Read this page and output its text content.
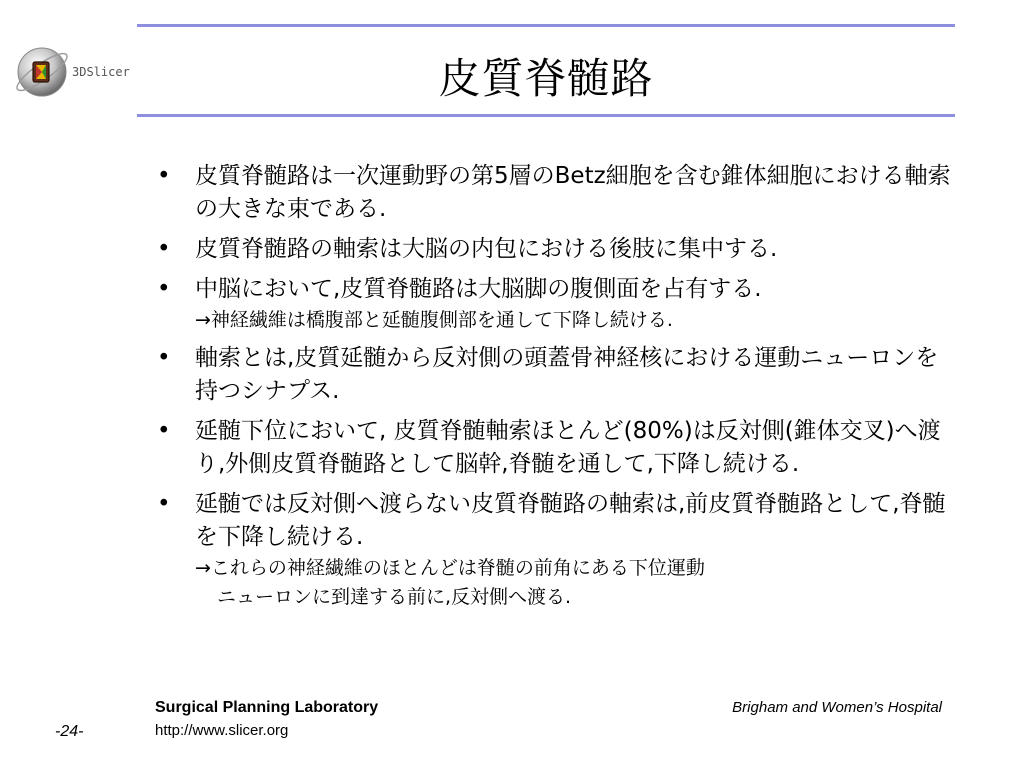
3DSlicer	皮質脊髄路
• 皮質脊髄路は一次運動野の第5層のBetz細胞を含む錐体細胞における軸索の大きな束である.
• 皮質脊髄路の軸索は大脳の内包における後肢に集中する.
• 中脳において,皮質脊髄路は大脳脚の腹側面を占有する.
→神経繊維は橋腹部と延髄腹側部を通して下降し続ける.
• 軸索とは,皮質延髄から反対側の頭蓋骨神経核における運動ニューロンを持つシナプス.
• 延髄下位において, 皮質脊髄軸索ほとんど(80%)は反対側(錐体交叉)へ渡り,外側皮質脊髄路として脳幹,脊髄を通して,下降し続ける.
• 延髄では反対側へ渡らない皮質脊髄路の軸索は,前皮質脊髄路として,脊髄を下降し続ける.
→これらの神経繊維のほとんどは脊髄の前角にある下位運動
ニューロンに到達する前に,反対側へ渡る.
Surgical Planning Laboratory
http://www.slicer.org
Brigham and Women’s Hospital
-24-
